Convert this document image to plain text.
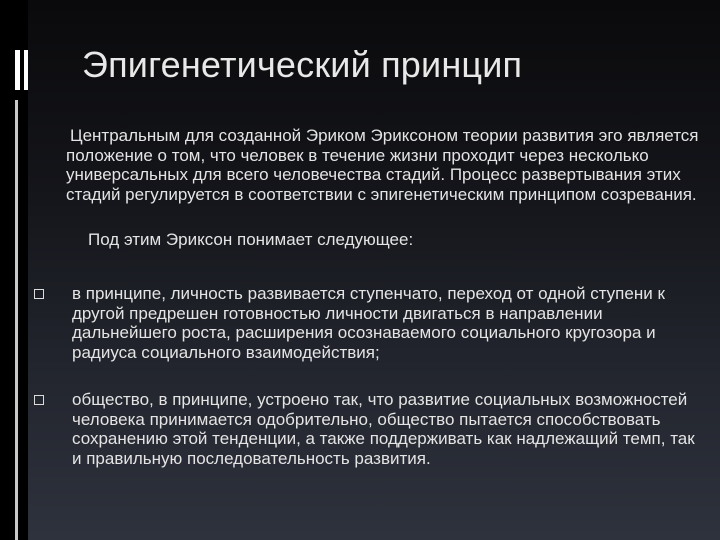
Эпигенетический принцип
Центральным для созданной Эриком Эриксоном теории развития эго является положение о том, что человек в течение жизни проходит через несколько универсальных для всего человечества стадий. Процесс развертывания этих стадий регулируется в соответствии с эпигенетическим принципом созревания.
Под этим Эриксон понимает следующее:
в принципе, личность развивается ступенчато, переход от одной ступени к другой предрешен готовностью личности двигаться в направлении дальнейшего роста, расширения осознаваемого социального кругозора и радиуса социального взаимодействия;
общество, в принципе, устроено так, что развитие социальных возможностей человека принимается одобрительно, общество пытается способствовать сохранению этой тенденции, а также поддерживать как надлежащий темп, так и правильную последовательность развития.
